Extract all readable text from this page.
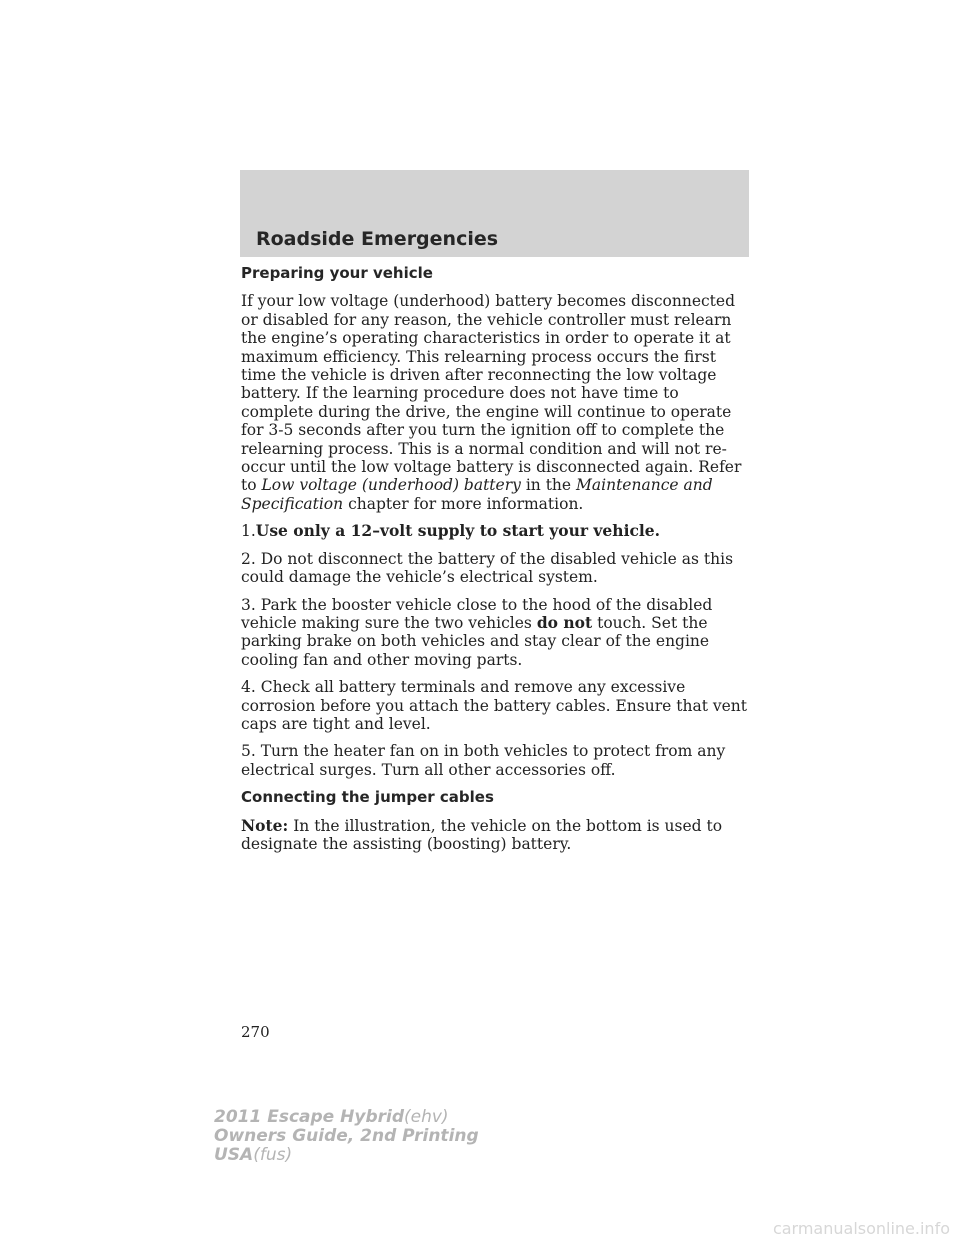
Roadside Emergencies
Preparing your vehicle

If your low voltage (underhood) battery becomes disconnected or disabled for any reason, the vehicle controller must relearn the engine’s operating characteristics in order to operate it at maximum efficiency. This relearning process occurs the first time the vehicle is driven after reconnecting the low voltage battery. If the learning procedure does not have time to complete during the drive, the engine will continue to operate for 3-5 seconds after you turn the ignition off to complete the relearning process. This is a normal condition and will not re-occur until the low voltage battery is disconnected again. Refer to Low voltage (underhood) battery in the Maintenance and Specification chapter for more information.

1.Use only a 12–volt supply to start your vehicle.

2. Do not disconnect the battery of the disabled vehicle as this could damage the vehicle’s electrical system.

3. Park the booster vehicle close to the hood of the disabled vehicle making sure the two vehicles do not touch. Set the parking brake on both vehicles and stay clear of the engine cooling fan and other moving parts.

4. Check all battery terminals and remove any excessive corrosion before you attach the battery cables. Ensure that vent caps are tight and level.

5. Turn the heater fan on in both vehicles to protect from any electrical surges. Turn all other accessories off.

Connecting the jumper cables

Note: In the illustration, the vehicle on the bottom is used to designate the assisting (boosting) battery.

270
2011 Escape Hybrid(ehv)
Owners Guide, 2nd Printing
USA(fus)
carmanualsonline.info
